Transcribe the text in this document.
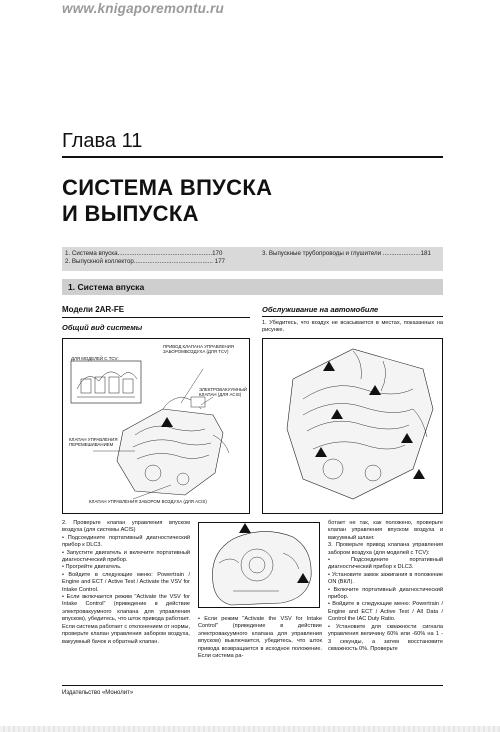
www.knigaporemontu.ru
Глава 11
СИСТЕМА ВПУСКА
И ВЫПУСКА
1. Система впуска.......................................................170
2. Выпускной коллектор.............................................. 177
3. Выпускные трубопроводы и глушители ......................181
1. Система впуска
Модели 2AR-FE
Общий вид системы
Обслуживание на автомобиле
1. Убедитесь, что воздух не всасывается в местах, показанных на рисунке.
ДЛЯ МОДЕЛЕЙ С TCV:
ПРИВОД КЛАПАНА УПРАВЛЕНИЯ ЗАБОРОМВОЗДУХА (ДЛЯ TCV)
ЭЛЕКТРОВАКУУМНЫЙ КЛАПАН (ДЛЯ ACIS)
КЛАПАН УПРАВЛЕНИЯ ПЕРЕМЕШИВАНИЕМ
КЛАПАН УПРАВЛЕНИЯ ЗАБОРОМ ВОЗДУХА (ДЛЯ ACIS)

2. Проверьте клапан управления впуском воздуха (для системы ACIS)

• Подсоедините портативный диагностический прибор к DLC3.

• Запустите двигатель и включите портативный диагностический прибор.

• Прогрейте двигатель.

• Войдите в следующие меню: Powertrain / Engine and ECT / Active Test / Activate the VSV for Intake Control.

• Если включается режим "Activate the VSV for Intake Control" (приведение в действие электровакуумного клапана для управления впуском), убедитесь, что шток привода работает. Если система работает с отклонением от нормы, проверьте клапан управления забором воздуха, вакуумный бачок и обратный клапан.

• Если режим "Activate the VSV for Intake Control" (приведение в действие электровакуумного клапана для управления впуском) выключается, убедитесь, что шток привода возвращается в исходное положение. Если система ра-

ботает не так, как положено, проверьте клапан управления впуском воздуха и вакуумный шланг.

3. Проверьте привод клапана управления забором воздуха (для моделей с TCV):

• Подсоедините портативный диагностический прибор к DLC3.

• Установите замок зажигания в положение ON (ВКЛ).

• Включите портативный диагностический прибор.

• Войдите в следующие меню: Powertrain / Engine and ECT / Active Test / All Data / Control the IAC Duty Ratio.

• Установите для скважности сигнала управления величину 60% или -60% на 1 - 3 секунды, а затем восстановите скважность 0%. Проверьте

Издательство «Монолит»
